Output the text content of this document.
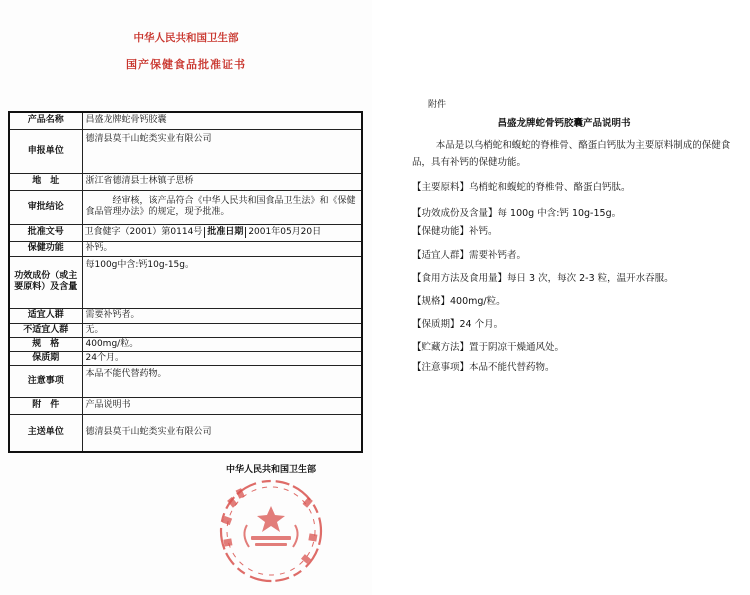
中华人民共和国卫生部
国产保健食品批准证书
产品名称	昌盛龙牌蛇骨钙胶囊
申报单位	德清县莫干山蛇类实业有限公司
地　址	浙江省德清县士林镇子思桥
审批结论	经审核，该产品符合《中华人民共和国食品卫生法》和《保健食品管理办法》的规定，现予批准。
批准文号	卫食健字（2001）第0114号 批准日期 2001年05月20日

保健功能	补钙。
功效成份（或主要原料）及含量	每100g中含:钙10g-15g。
适宜人群	需要补钙者。
不适宜人群	无。
规　格	400mg/粒。
保质期	24个月。
注意事项	本品不能代替药物。
附　件	产品说明书
主送单位	德清县莫干山蛇类实业有限公司
中华人民共和国卫生部
附件
昌盛龙牌蛇骨钙胶囊产品说明书
本品是以乌梢蛇和蝮蛇的脊椎骨、酪蛋白钙肽为主要原料制成的保健食品，具有补钙的保健功能。
【主要原料】乌梢蛇和蝮蛇的脊椎骨、酪蛋白钙肽。
【功效成份及含量】每 100g 中含:钙 10g-15g。
【保健功能】补钙。
【适宜人群】需要补钙者。
【食用方法及食用量】每日 3 次，每次 2-3 粒，温开水吞服。
【规格】400mg/粒。
【保质期】24 个月。
【贮藏方法】置于阴凉干燥通风处。
【注意事项】本品不能代替药物。
